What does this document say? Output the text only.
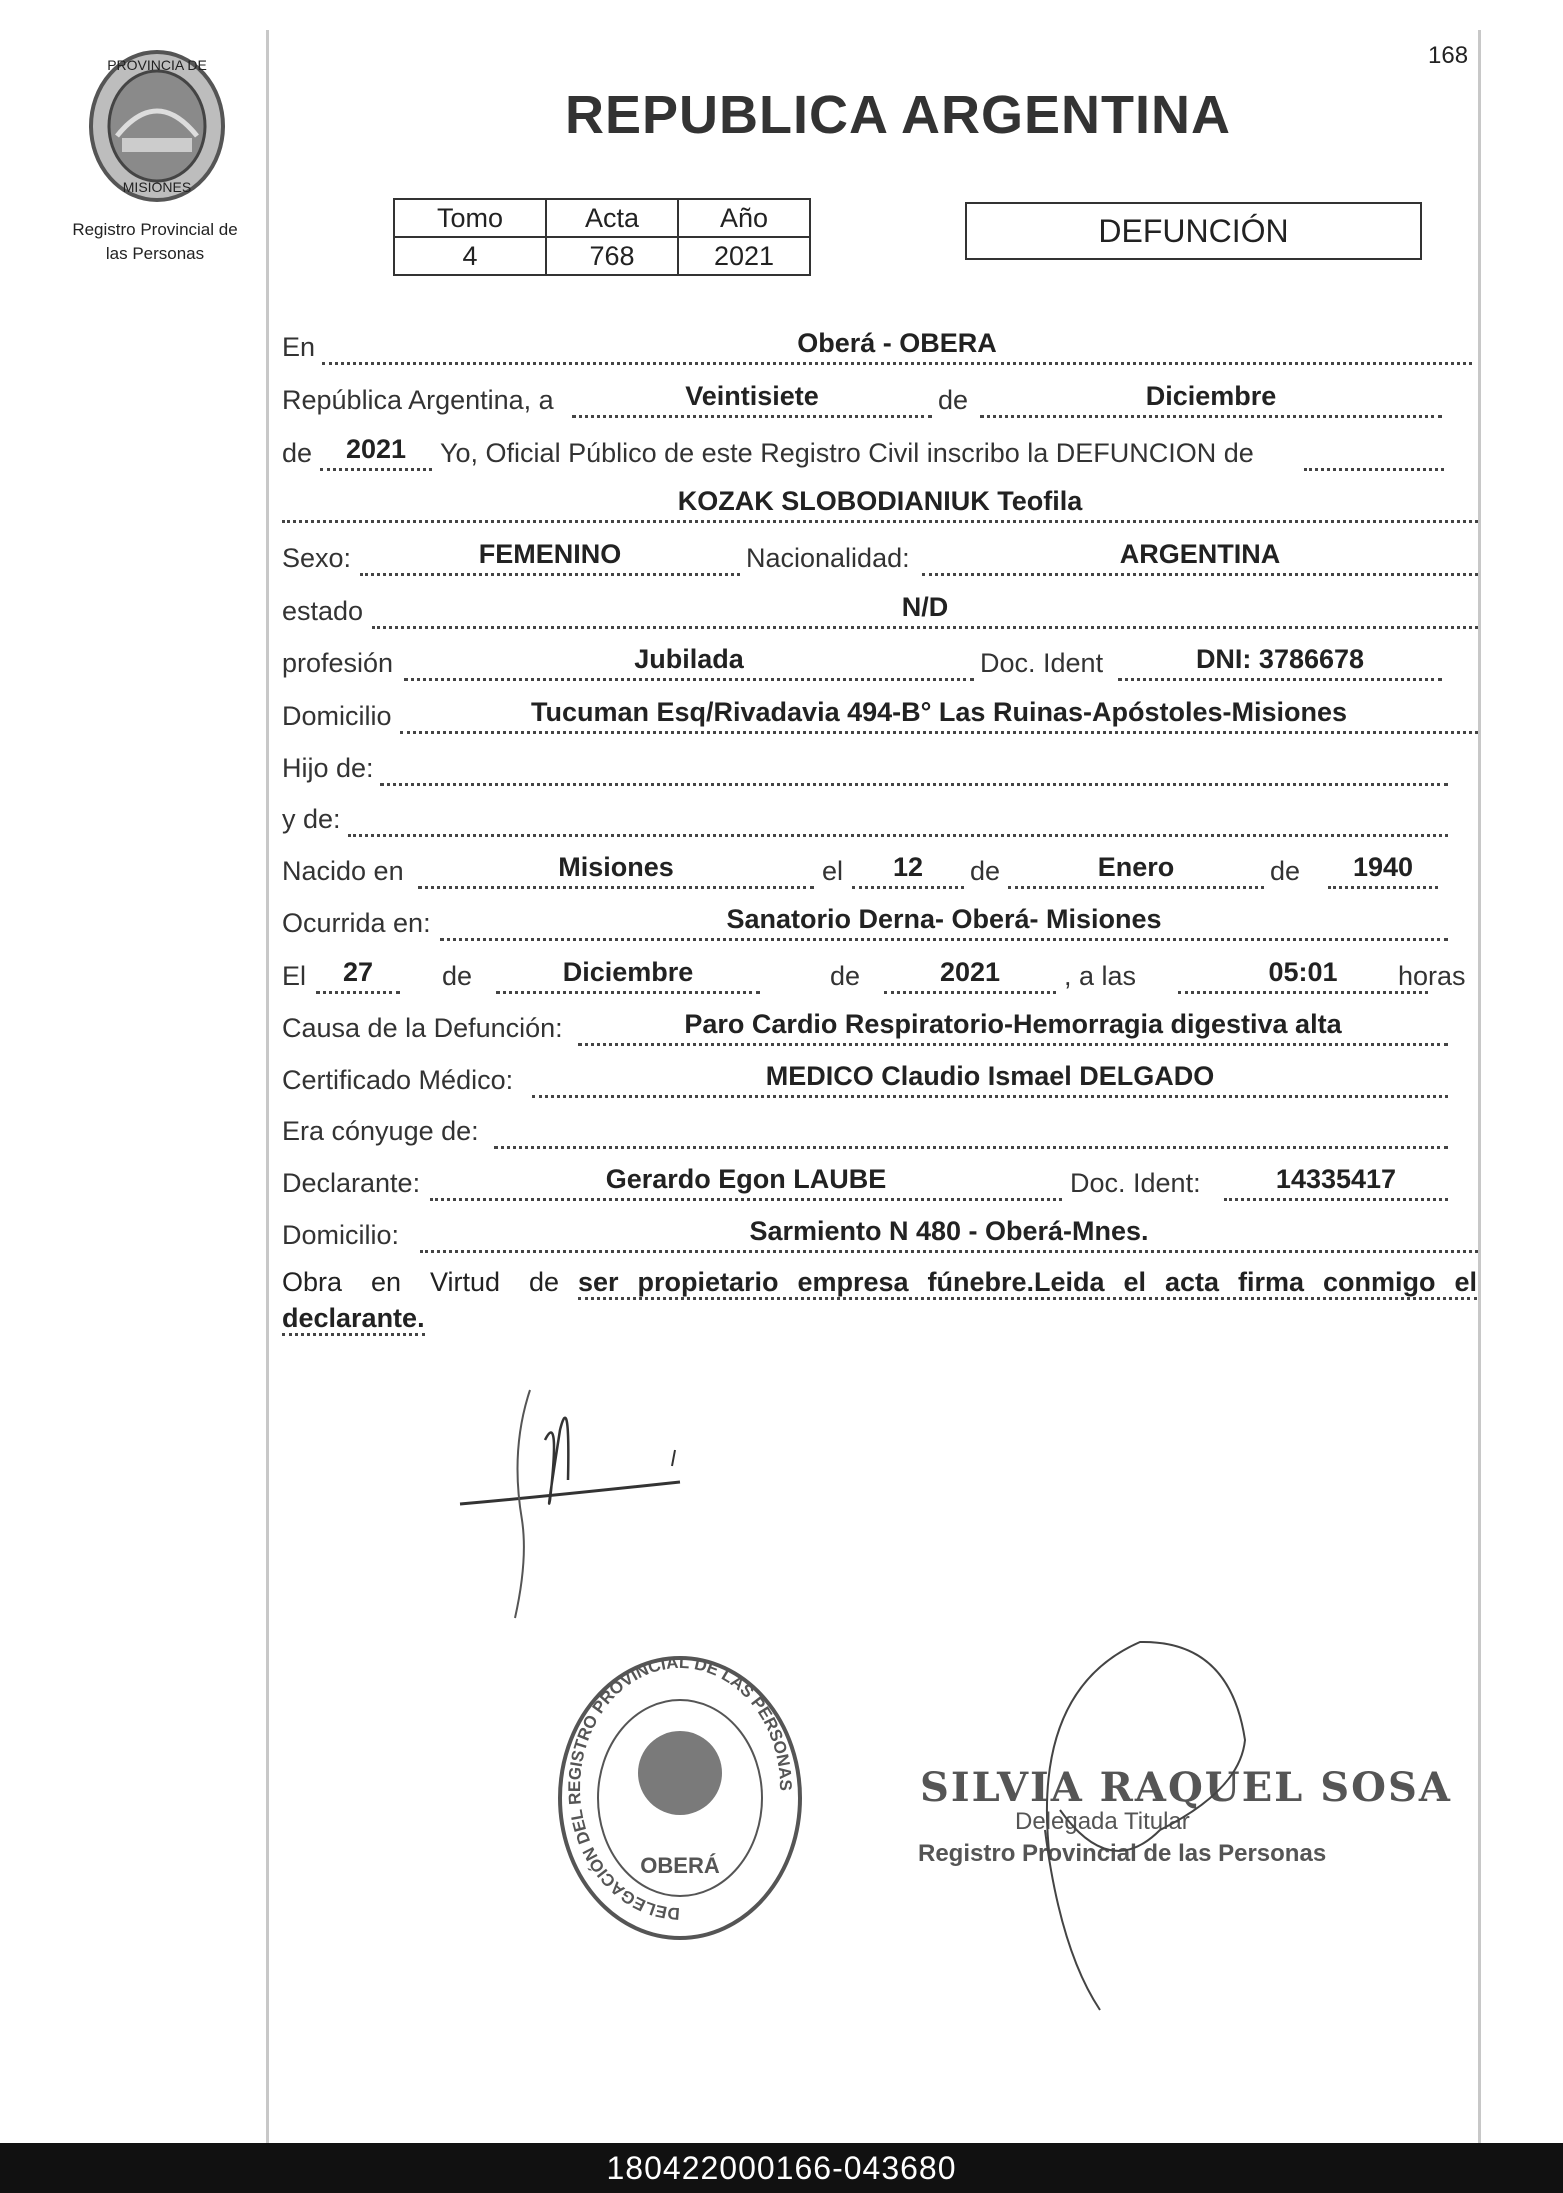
PROVINCIA DE
MISIONES
Registro Provincial de
las Personas
168
REPUBLICA ARGENTINA
Tomo	Acta	Año
4	768	2021
DEFUNCIÓN
En	Oberá - OBERA
República Argentina, a	Veintisiete	de	Diciembre
de	2021	Yo, Oficial Público de este Registro Civil inscribo la DEFUNCION de
KOZAK SLOBODIANIUK Teofila
Sexo:	FEMENINO	Nacionalidad:	ARGENTINA
estado	N/D
profesión	Jubilada	Doc. Ident	DNI: 3786678
Domicilio	Tucuman Esq/Rivadavia 494-B° Las Ruinas-Apóstoles-Misiones
Hijo de:
y de:
Nacido en	Misiones	el	12	de	Enero	de	1940
Ocurrida en:	Sanatorio Derna- Oberá- Misiones
El	27	de	Diciembre	de	2021	, a las	05:01	horas
Causa de la Defunción:	Paro Cardio Respiratorio-Hemorragia digestiva alta
Certificado Médico:	MEDICO Claudio Ismael DELGADO
Era cónyuge de:
Declarante:	Gerardo Egon LAUBE	Doc. Ident:	14335417
Domicilio:	Sarmiento N 480 - Oberá-Mnes.
Obra en Virtud de ser propietario empresa fúnebre.Leida el acta firma conmigo el declarante.
DELEGACIÓN DEL REGISTRO PROVINCIAL DE LAS PERSONAS
OBERÁ
SILVIA RAQUEL SOSA
Delegada Titular
Registro Provincial de las Personas
180422000166-043680
